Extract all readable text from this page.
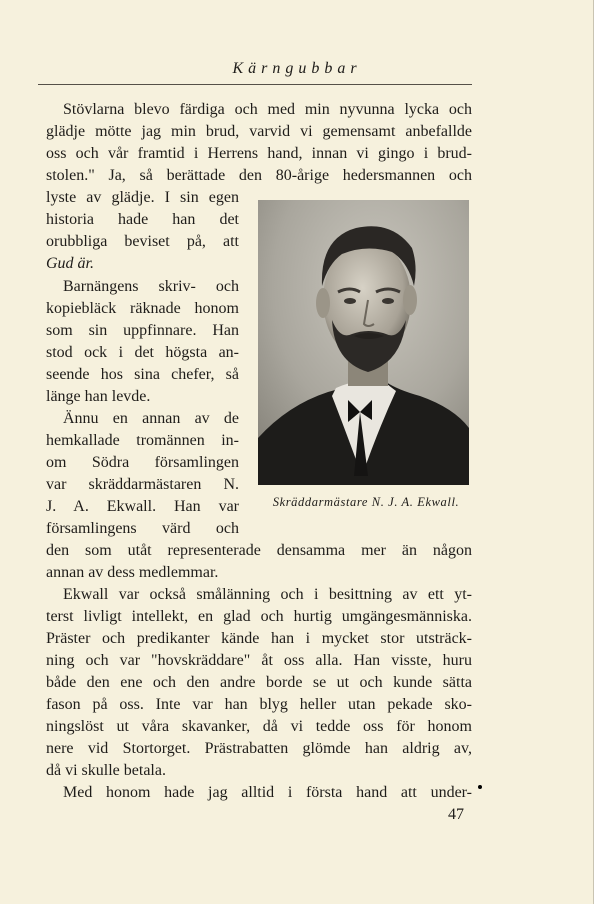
Kärngubbar
Stövlarna blevo färdiga och med min nyvunna lycka och
glädje mötte jag min brud, varvid vi gemensamt anbefallde
oss och vår framtid i Herrens hand, innan vi gingo i brud-
stolen." Ja, så berättade den 80-årige hedersmannen och
lyste av glädje. I sin egen
historia hade han det
orubbliga beviset på, att
Gud är.
Barnängens skriv- och
kopiebläck räknade honom
som sin uppfinnare. Han
stod ock i det högsta an-
seende hos sina chefer, så
länge han levde.
Ännu en annan av de
hemkallade tromännen in-
om Södra församlingen
var skräddarmästaren N.
J. A. Ekwall. Han var
församlingens värd och
den som utåt representerade densamma mer än någon
annan av dess medlemmar.
Ekwall var också smålänning och i besittning av ett yt-
terst livligt intellekt, en glad och hurtig umgängesmänniska.
Präster och predikanter kände han i mycket stor utsträck-
ning och var "hovskräddare" åt oss alla. Han visste, huru
både den ene och den andre borde se ut och kunde sätta
fason på oss. Inte var han blyg heller utan pekade sko-
ningslöst ut våra skavanker, då vi tedde oss för honom
nere vid Stortorget. Prästrabatten glömde han aldrig av,
då vi skulle betala.
Med honom hade jag alltid i första hand att under-
Skräddarmästare N. J. A. Ekwall.
47
